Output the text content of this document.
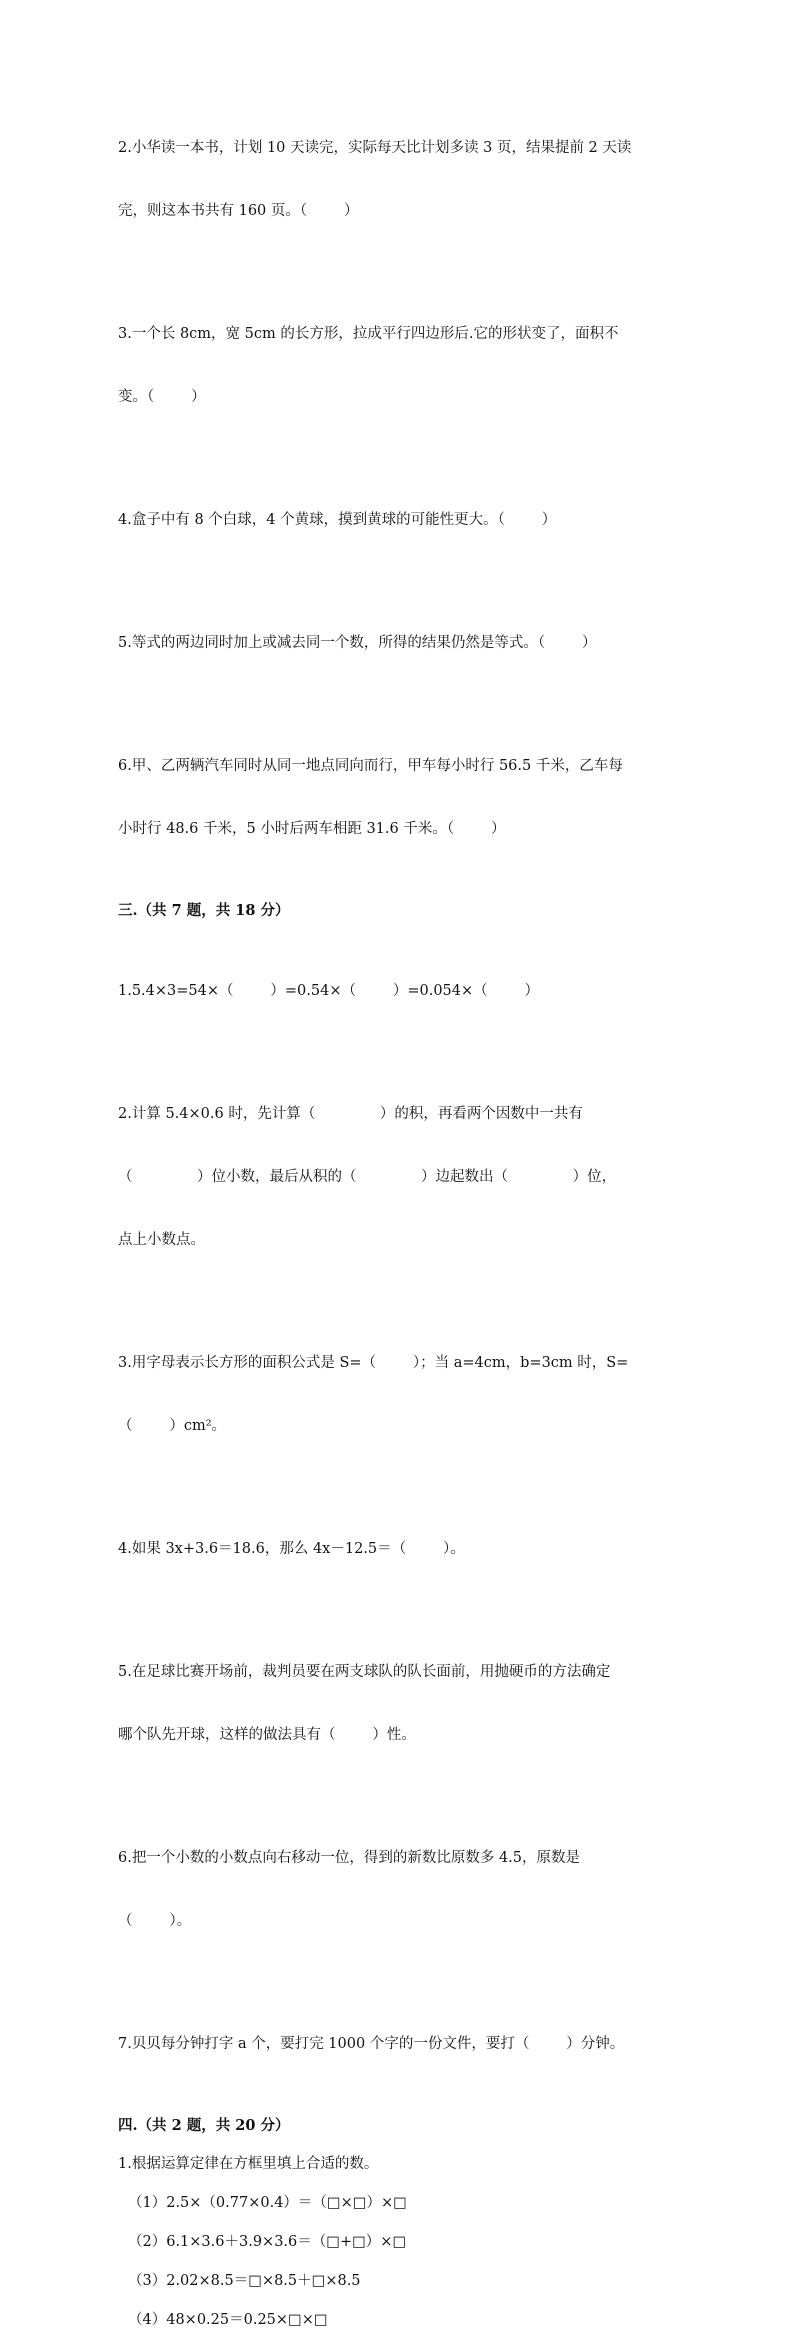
2.小华读一本书，计划 10 天读完，实际每天比计划多读 3 页，结果提前 2 天读

完，则这本书共有 160 页。（        ）

3.一个长 8cm，宽 5cm 的长方形，拉成平行四边形后.它的形状变了，面积不

变。（        ）

4.盒子中有 8 个白球，4 个黄球，摸到黄球的可能性更大。（        ）

5.等式的两边同时加上或减去同一个数，所得的结果仍然是等式。（        ）

6.甲、乙两辆汽车同时从同一地点同向而行，甲车每小时行 56.5 千米，乙车每

小时行 48.6 千米，5 小时后两车相距 31.6 千米。（        ）

三.（共 7 题，共 18 分）

1.5.4×3=54×（        ）=0.54×（        ）=0.054×（        ）

2.计算 5.4×0.6 时，先计算（              ）的积，再看两个因数中一共有

（              ）位小数，最后从积的（              ）边起数出（              ）位，

点上小数点。

3.用字母表示长方形的面积公式是 S=（        ）；当 a=4cm，b=3cm 时，S=

（        ）cm²。

4.如果 3x+3.6＝18.6，那么 4x－12.5＝（        ）。

5.在足球比赛开场前，裁判员要在两支球队的队长面前，用抛硬币的方法确定

哪个队先开球，这样的做法具有（        ）性。

6.把一个小数的小数点向右移动一位，得到的新数比原数多 4.5，原数是

（        ）。

7.贝贝每分钟打字 a 个，要打完 1000 个字的一份文件，要打（        ）分钟。

四.（共 2 题，共 20 分）
1.根据运算定律在方框里填上合适的数。
（1）2.5×（0.77×0.4）＝（□×□）×□
（2）6.1×3.6＋3.9×3.6＝（□+□）×□
（3）2.02×8.5＝□×8.5＋□×8.5
（4）48×0.25＝0.25×□×□
